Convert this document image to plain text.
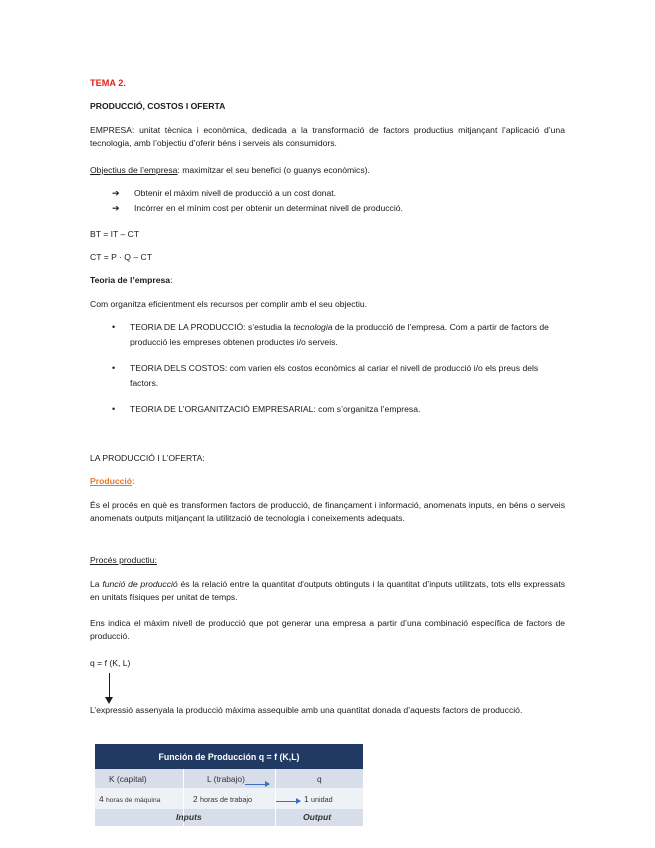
TEMA 2.
PRODUCCIÓ, COSTOS I OFERTA
EMPRESA: unitat tècnica i econòmica, dedicada a la transformació de factors productius mitjançant l’aplicació d’una tecnologia, amb l’objectiu d’oferir béns i serveis als consumidors.
Objectius de l’empresa: maximitzar el seu benefici (o guanys econòmics).
➔ Obtenir el màxim nivell de producció a un cost donat.
➔ Incórrer en el mínim cost per obtenir un determinat nivell de producció.
BT = IT – CT
CT = P · Q – CT
Teoria de l’empresa:
Com organitza eficientment els recursos per complir amb el seu objectiu.
•	TEORIA DE LA PRODUCCIÓ: s’estudia la tecnologia de la producció de l’empresa. Com a partir de factors de producció les empreses obtenen productes i/o serveis.
•	TEORIA DELS COSTOS: com varien els costos econòmics al cariar el nivell de producció i/o els preus dels factors.
•	TEORIA DE L’ORGANITZACIÓ EMPRESARIAL: com s’organitza l’empresa.
LA PRODUCCIÓ I L’OFERTA:
Producció:
És el procés en què es transformen factors de producció, de finançament i informació, anomenats inputs, en béns o serveis anomenats outputs mitjançant la utilització de tecnologia i coneixements adequats.
Procés productiu:
La funció de producció és la relació entre la quantitat d'outputs obtinguts i la quantitat d’inputs utilitzats, tots ells expressats en unitats físiques per unitat de temps.
Ens indica el màxim nivell de producció que pot generar una empresa a partir d’una combinació específica de factors de producció.
q = f (K, L)
L’expressió assenyala la producció màxima assequible amb una quantitat donada d’aquests factors de producció.
Función de Producción q = f (K,L)
K (capital)	L (trabajo)	q
4 horas de máquina	2 horas de trabajo	1 unidad
Inputs	Output
